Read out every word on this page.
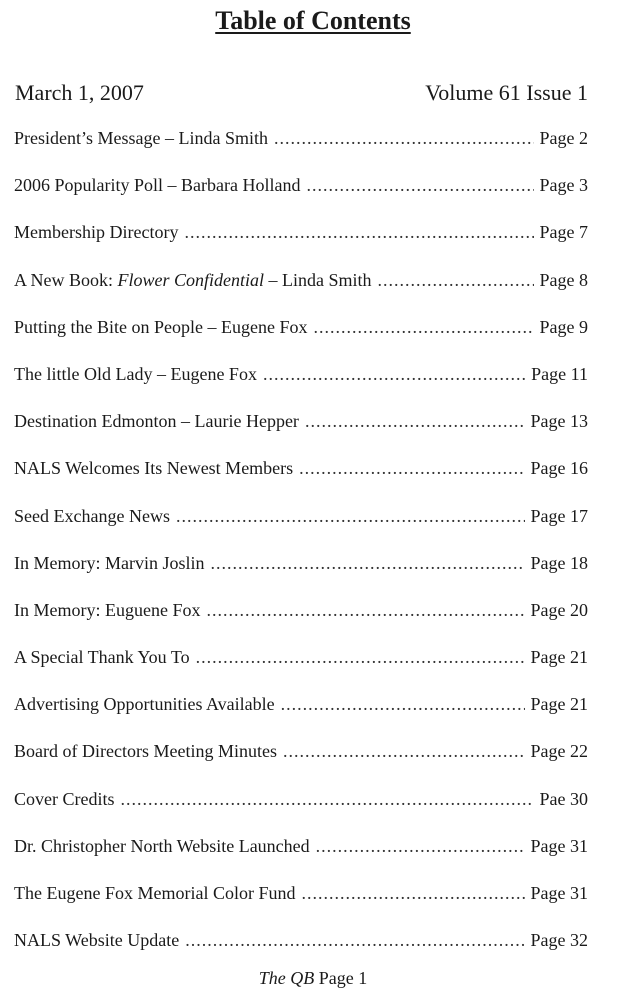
Table of Contents
March 1, 2007	Volume 61 Issue 1
President’s Message – Linda Smith .....	Page 2
2006 Popularity Poll – Barbara Holland .....	Page 3
Membership Directory .....	Page 7
A New Book: Flower Confidential – Linda Smith .....	Page 8
Putting the Bite on People – Eugene Fox .....	Page 9
The little Old Lady – Eugene Fox .....	Page 11
Destination Edmonton – Laurie Hepper .....	Page 13
NALS Welcomes Its Newest Members .....	Page 16
Seed Exchange News .....	Page 17
In Memory: Marvin Joslin .....	Page 18
In Memory: Euguene Fox .....	Page 20
A Special Thank You To .....	Page 21
Advertising Opportunities Available .....	Page 21
Board of Directors Meeting Minutes .....	Page 22
Cover Credits .....	Pae 30
Dr. Christopher North Website Launched .....	Page 31
The Eugene Fox Memorial Color Fund .....	Page 31
NALS Website Update .....	Page 32
The QB Page 1
